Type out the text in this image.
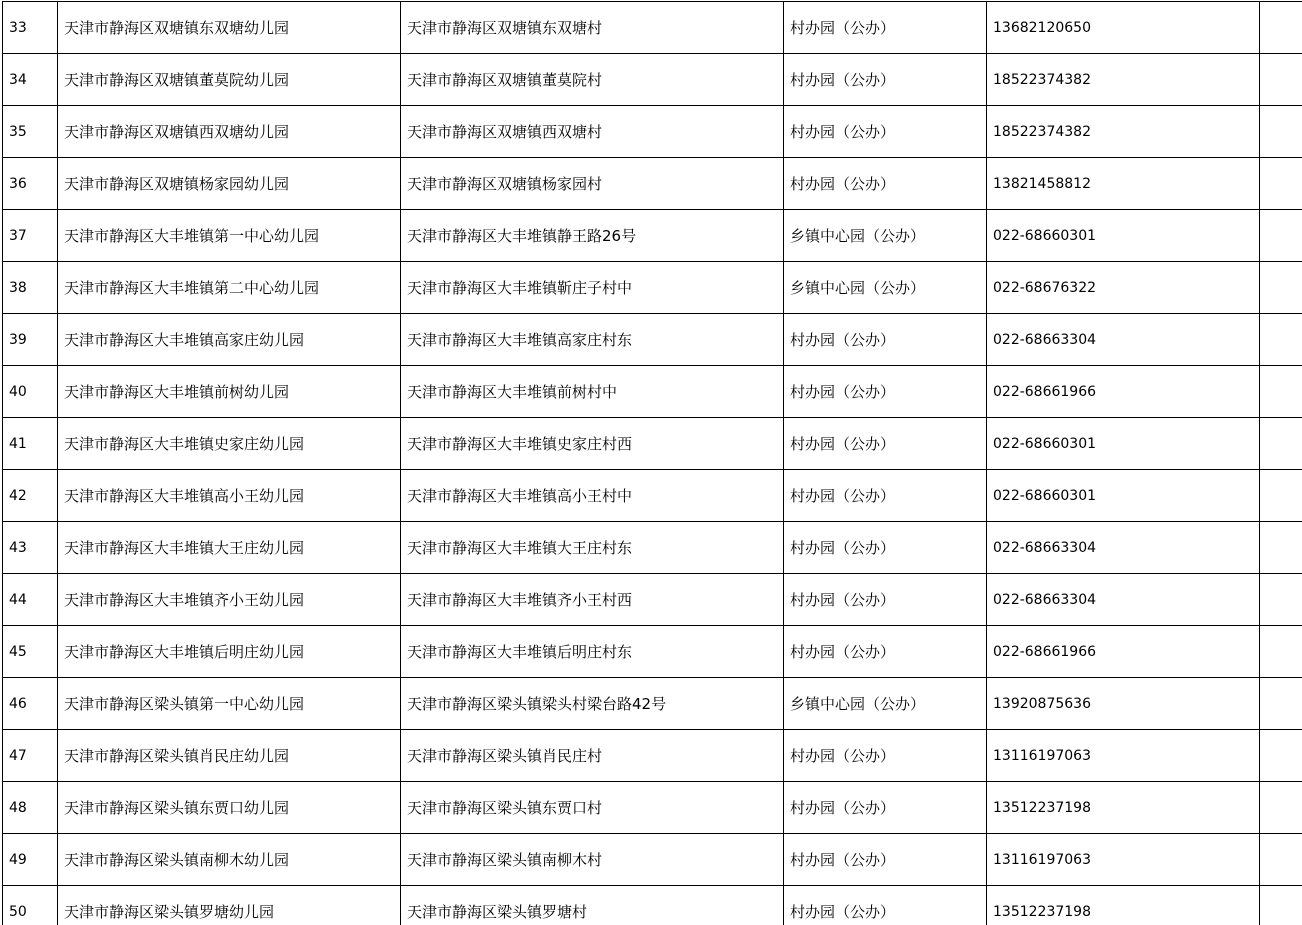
33	天津市静海区双塘镇东双塘幼儿园	天津市静海区双塘镇东双塘村	村办园（公办）	13682120650	

34	天津市静海区双塘镇董莫院幼儿园	天津市静海区双塘镇董莫院村	村办园（公办）	18522374382	

35	天津市静海区双塘镇西双塘幼儿园	天津市静海区双塘镇西双塘村	村办园（公办）	18522374382	

36	天津市静海区双塘镇杨家园幼儿园	天津市静海区双塘镇杨家园村	村办园（公办）	13821458812	

37	天津市静海区大丰堆镇第一中心幼儿园	天津市静海区大丰堆镇静王路26号	乡镇中心园（公办）	022-68660301	

38	天津市静海区大丰堆镇第二中心幼儿园	天津市静海区大丰堆镇靳庄子村中	乡镇中心园（公办）	022-68676322	

39	天津市静海区大丰堆镇高家庄幼儿园	天津市静海区大丰堆镇高家庄村东	村办园（公办）	022-68663304	

40	天津市静海区大丰堆镇前树幼儿园	天津市静海区大丰堆镇前树村中	村办园（公办）	022-68661966	

41	天津市静海区大丰堆镇史家庄幼儿园	天津市静海区大丰堆镇史家庄村西	村办园（公办）	022-68660301	

42	天津市静海区大丰堆镇高小王幼儿园	天津市静海区大丰堆镇高小王村中	村办园（公办）	022-68660301	

43	天津市静海区大丰堆镇大王庄幼儿园	天津市静海区大丰堆镇大王庄村东	村办园（公办）	022-68663304	

44	天津市静海区大丰堆镇齐小王幼儿园	天津市静海区大丰堆镇齐小王村西	村办园（公办）	022-68663304	

45	天津市静海区大丰堆镇后明庄幼儿园	天津市静海区大丰堆镇后明庄村东	村办园（公办）	022-68661966	

46	天津市静海区梁头镇第一中心幼儿园	天津市静海区梁头镇梁头村梁台路42号	乡镇中心园（公办）	13920875636	

47	天津市静海区梁头镇肖民庄幼儿园	天津市静海区梁头镇肖民庄村	村办园（公办）	13116197063	

48	天津市静海区梁头镇东贾口幼儿园	天津市静海区梁头镇东贾口村	村办园（公办）	13512237198	

49	天津市静海区梁头镇南柳木幼儿园	天津市静海区梁头镇南柳木村	村办园（公办）	13116197063	

50	天津市静海区梁头镇罗塘幼儿园	天津市静海区梁头镇罗塘村	村办园（公办）	13512237198	
